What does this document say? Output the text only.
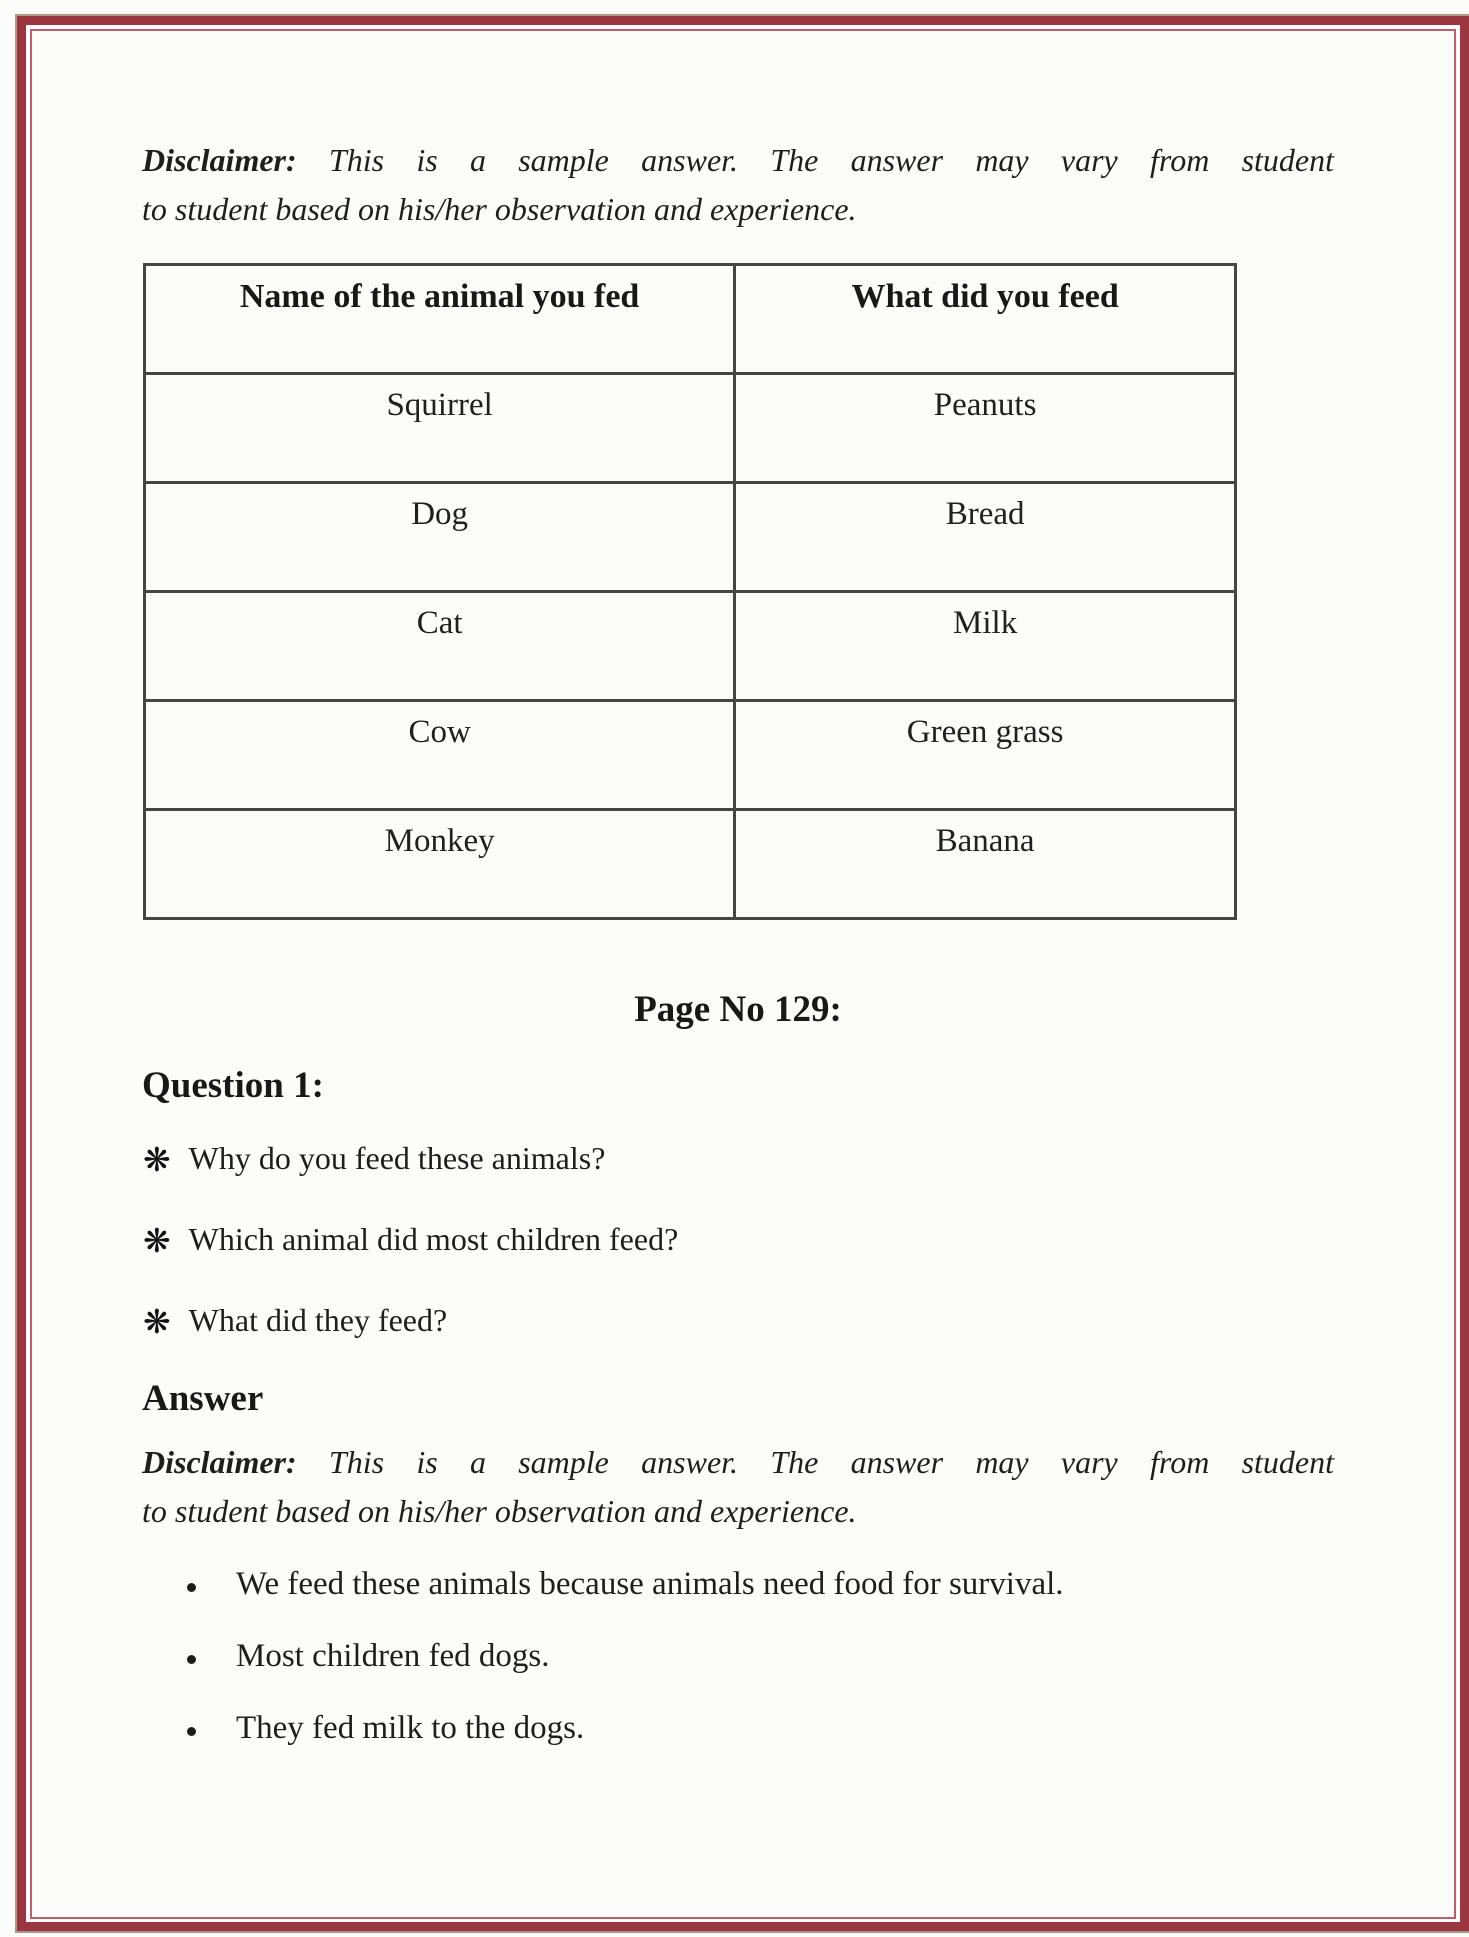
Disclaimer: This is a sample answer. The answer may vary from student
to student based on his/her observation and experience.
Name of the animal you fed	What did you feed
Squirrel	Peanuts
Dog	Bread
Cat	Milk
Cow	Green grass
Monkey	Banana
Page No 129:
Question 1:
❋ Why do you feed these animals?
❋ Which animal did most children feed?
❋ What did they feed?
Answer
Disclaimer: This is a sample answer. The answer may vary from student
to student based on his/her observation and experience.
We feed these animals because animals need food for survival.
Most children fed dogs.
They fed milk to the dogs.
